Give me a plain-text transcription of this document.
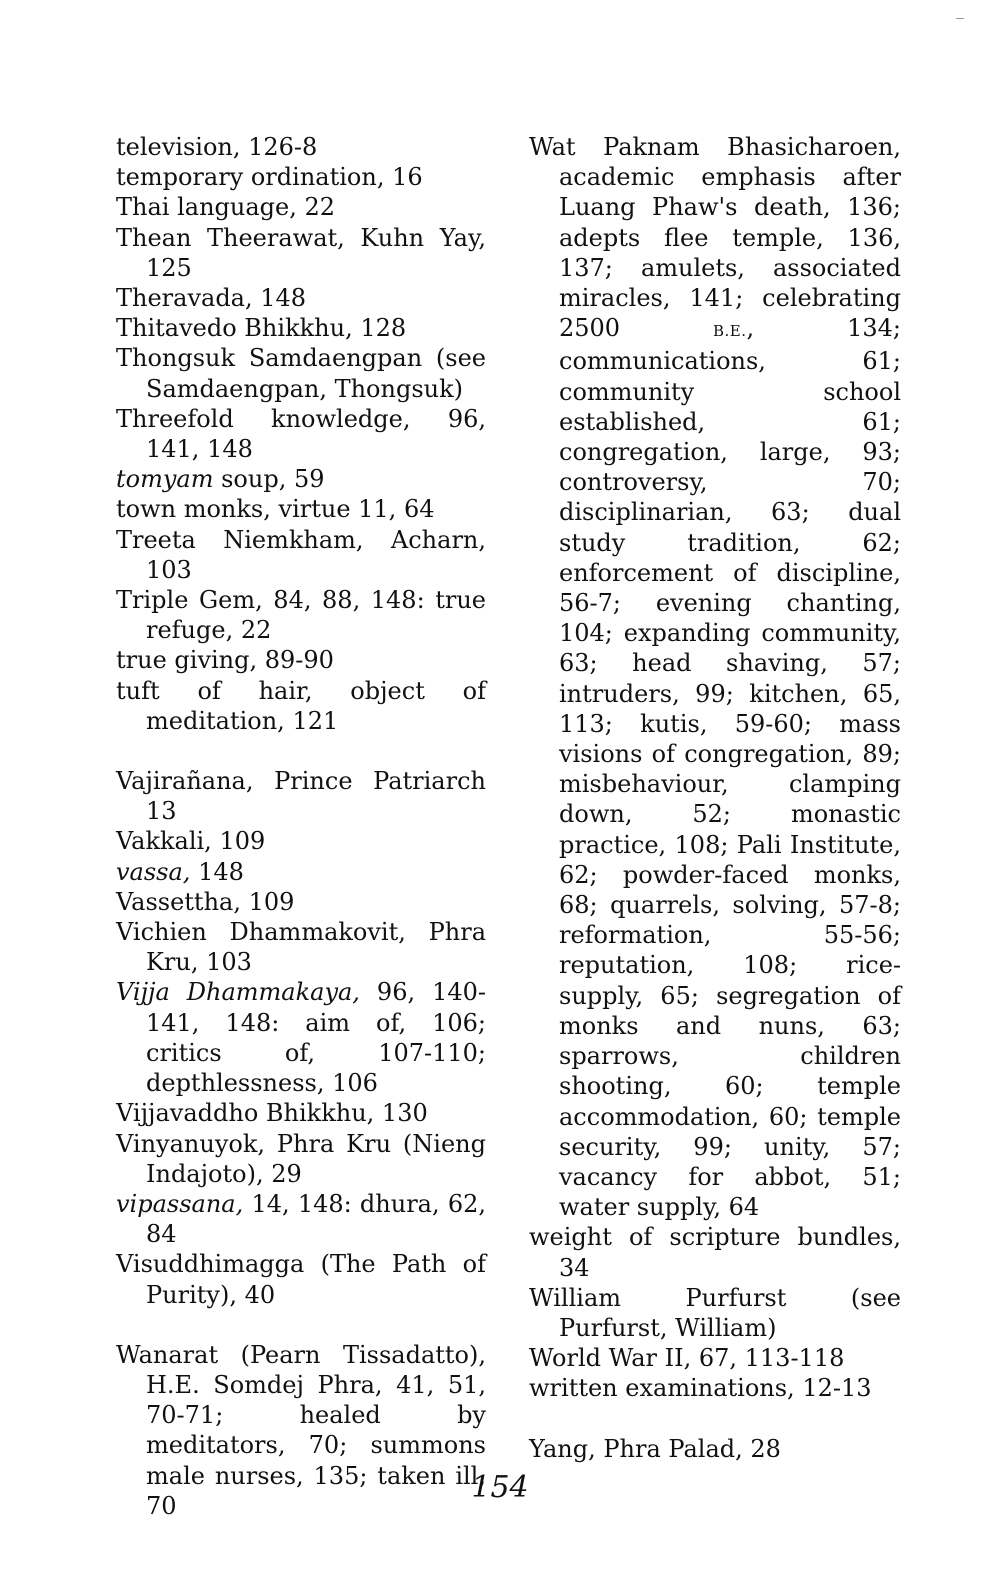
television, 126-8

temporary ordination, 16

Thai language, 22

Thean Theerawat, Kuhn Yay, 125

Theravada, 148

Thitavedo Bhikkhu, 128

Thongsuk Samdaengpan (see Samdaengpan, Thongsuk)

Threefold knowledge, 96, 141, 148

tomyam soup, 59

town monks, virtue 11, 64

Treeta Niemkham, Acharn, 103

Triple Gem, 84, 88, 148: true refuge, 22

true giving, 89-90

tuft of hair, object of meditation, 121

Vajirañana, Prince Patriarch 13

Vakkali, 109

vassa, 148

Vassettha, 109

Vichien Dhammakovit, Phra Kru, 103

Vijja Dhammakaya, 96, 140-141, 148: aim of, 106; critics of, 107-110; depthlessness, 106

Vijjavaddho Bhikkhu, 130

Vinyanuyok, Phra Kru (Nieng Indajoto), 29

vipassana, 14, 148: dhura, 62, 84

Visuddhimagga (The Path of Purity), 40

Wanarat (Pearn Tissadatto), H.E. Somdej Phra, 41, 51, 70-71; healed by meditators, 70; summons male nurses, 135; taken ill, 70

Wat Paknam Bhasicharoen, academic emphasis after Luang Phaw's death, 136; adepts flee temple, 136, 137; amulets, associated miracles, 141; celebrating 2500 B.E., 134; communications, 61; community school established, 61; congregation, large, 93; controversy, 70; disciplinarian, 63; dual study tradition, 62; enforcement of discipline, 56-7; evening chanting, 104; expanding community, 63; head shaving, 57; intruders, 99; kitchen, 65, 113; kutis, 59-60; mass visions of congregation, 89; misbehaviour, clamping down, 52; monastic practice, 108; Pali Institute, 62; powder-faced monks, 68; quarrels, solving, 57-8; reformation, 55-56; reputation, 108; rice-supply, 65; segregation of monks and nuns, 63; sparrows, children shooting, 60; temple accommodation, 60; temple security, 99; unity, 57; vacancy for abbot, 51; water supply, 64

weight of scripture bundles, 34

William Purfurst (see Purfurst, William)

World War II, 67, 113-118

written examinations, 12-13

Yang, Phra Palad, 28

154
